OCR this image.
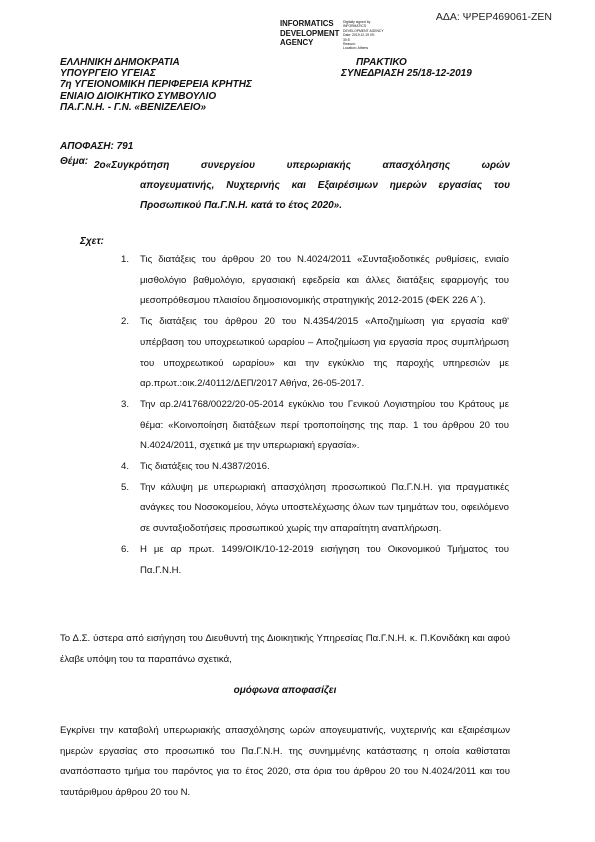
ΑΔΑ: ΨΡΕΡ469061-ΖΕΝ
INFORMATICS
DEVELOPMENT
AGENCY
Digitally signed by
INFORMATICS
DEVELOPMENT AGENCY
Date: 2019.12.19 09:
30:5
Reason:
Location: Athens
ΕΛΛΗΝΙΚΗ ΔΗΜΟΚΡΑΤΙΑ
ΥΠΟΥΡΓΕΙΟ ΥΓΕΙΑΣ
7η ΥΓΕΙΟΝΟΜΙΚΗ ΠΕΡΙΦΕΡΕΙΑ ΚΡΗΤΗΣ
ΕΝΙΑΙΟ ΔΙΟΙΚΗΤΙΚΟ ΣΥΜΒΟΥΛΙΟ
ΠΑ.Γ.Ν.Η. - Γ.Ν. «ΒΕΝΙΖΕΛΕΙΟ»
ΠΡΑΚΤΙΚΟ
ΣΥΝΕΔΡΙΑΣΗ 25/18-12-2019
ΑΠΟΦΑΣΗ: 791
Θέμα: 2ο«Συγκρότηση συνεργείου υπερωριακής απασχόλησης ωρών
απογευματινής, Νυχτερινής και Εξαιρέσιμων ημερών εργασίας του Προσωπικού Πα.Γ.Ν.Η. κατά το έτος 2020».
Σχετ:
1. Τις διατάξεις του άρθρου 20 του Ν.4024/2011 «Συνταξιοδοτικές ρυθμίσεις, ενιαίο μισθολόγιο βαθμολόγιο, εργασιακή εφεδρεία και άλλες διατάξεις εφαρμογής του μεσοπρόθεσμου πλαισίου δημοσιονομικής στρατηγικής 2012-2015 (ΦΕΚ 226 Α΄).
2. Τις διατάξεις του άρθρου 20 του Ν.4354/2015 «Αποζημίωση για εργασία καθ' υπέρβαση του υποχρεωτικού ωραρίου – Αποζημίωση για εργασία προς συμπλήρωση του υποχρεωτικού ωραρίου» και την εγκύκλιο της παροχής υπηρεσιών με αρ.πρωτ.:οικ.2/40112/ΔΕΠ/2017 Αθήνα, 26-05-2017.
3. Την αρ.2/41768/0022/20-05-2014 εγκύκλιο του Γενικού Λογιστηρίου του Κράτους με θέμα: «Κοινοποίηση διατάξεων περί τροποποίησης της παρ. 1 του άρθρου 20 του Ν.4024/2011, σχετικά με την υπερωριακή εργασία».
4. Τις διατάξεις του Ν.4387/2016.
5. Την κάλυψη με υπερωριακή απασχόληση προσωπικού Πα.Γ.Ν.Η. για πραγματικές ανάγκες του Νοσοκομείου, λόγω υποστελέχωσης όλων των τμημάτων του, οφειλόμενο σε συνταξιοδοτήσεις προσωπικού χωρίς την απαραίτητη αναπλήρωση.
6. Η με αρ πρωτ. 1499/ΟΙΚ/10-12-2019 εισήγηση του Οικονομικού Τμήματος του Πα.Γ.Ν.Η.
Το Δ.Σ. ύστερα από εισήγηση του Διευθυντή της Διοικητικής Υπηρεσίας Πα.Γ.Ν.Η. κ. Π.Κονιδάκη και αφού έλαβε υπόψη του τα παραπάνω σχετικά,
ομόφωνα αποφασίζει
Εγκρίνει την καταβολή υπερωριακής απασχόλησης ωρών απογευματινής, νυχτερινής και εξαιρέσιμων ημερών εργασίας στο προσωπικό του Πα.Γ.Ν.Η. της συνημμένης κατάστασης η οποία καθίσταται αναπόσπαστο τμήμα του παρόντος για το έτος 2020, στα όρια του άρθρου 20 του Ν.4024/2011 και του ταυτάριθμου άρθρου 20 του Ν.
